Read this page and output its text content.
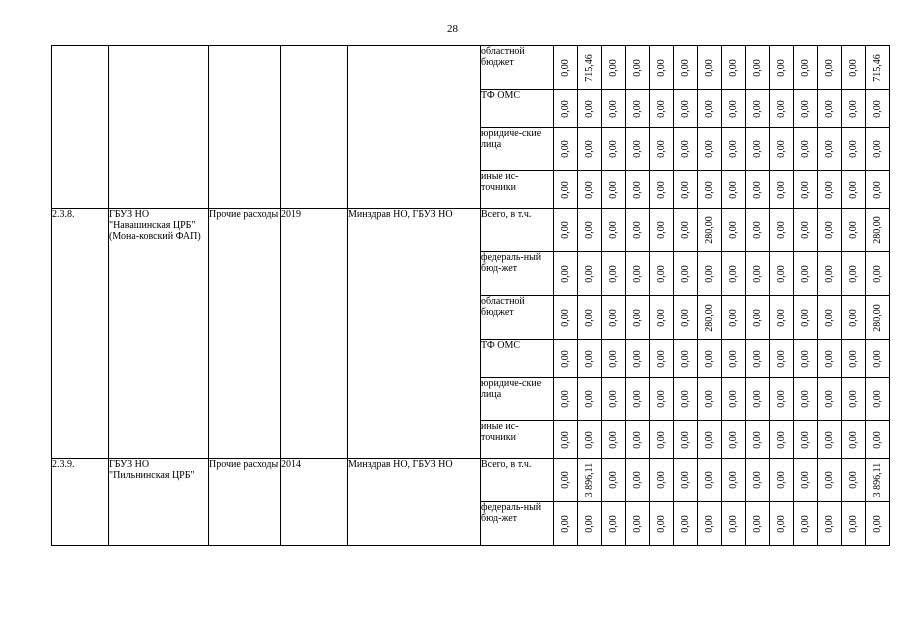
28
					областной бюджет	0,00	715,46	0,00	0,00	0,00	0,00	0,00	0,00	0,00	0,00	0,00	0,00	0,00	715,46

					ТФ ОМС	0,00	0,00	0,00	0,00	0,00	0,00	0,00	0,00	0,00	0,00	0,00	0,00	0,00	0,00

					юридиче-ские лица	0,00	0,00	0,00	0,00	0,00	0,00	0,00	0,00	0,00	0,00	0,00	0,00	0,00	0,00

					иные ис-точники	0,00	0,00	0,00	0,00	0,00	0,00	0,00	0,00	0,00	0,00	0,00	0,00	0,00	0,00

2.3.8.	ГБУЗ НО "Навашинская ЦРБ" (Мона-ковский ФАП)	Прочие расходы	2019	Минздрав НО, ГБУЗ НО	Всего, в т.ч.	0,00	0,00	0,00	0,00	0,00	0,00	280,00	0,00	0,00	0,00	0,00	0,00	0,00	280,00

					федераль-ный бюд-жет	0,00	0,00	0,00	0,00	0,00	0,00	0,00	0,00	0,00	0,00	0,00	0,00	0,00	0,00

					областной бюджет	0,00	0,00	0,00	0,00	0,00	0,00	280,00	0,00	0,00	0,00	0,00	0,00	0,00	280,00

					ТФ ОМС	0,00	0,00	0,00	0,00	0,00	0,00	0,00	0,00	0,00	0,00	0,00	0,00	0,00	0,00

					юридиче-ские лица	0,00	0,00	0,00	0,00	0,00	0,00	0,00	0,00	0,00	0,00	0,00	0,00	0,00	0,00

					иные ис-точники	0,00	0,00	0,00	0,00	0,00	0,00	0,00	0,00	0,00	0,00	0,00	0,00	0,00	0,00

2.3.9.	ГБУЗ НО "Пильнинская ЦРБ"	Прочие расходы	2014	Минздрав НО, ГБУЗ НО	Всего, в т.ч.	0,00	3 896,11	0,00	0,00	0,00	0,00	0,00	0,00	0,00	0,00	0,00	0,00	0,00	3 896,11

					федераль-ный бюд-жет	0,00	0,00	0,00	0,00	0,00	0,00	0,00	0,00	0,00	0,00	0,00	0,00	0,00	0,00
